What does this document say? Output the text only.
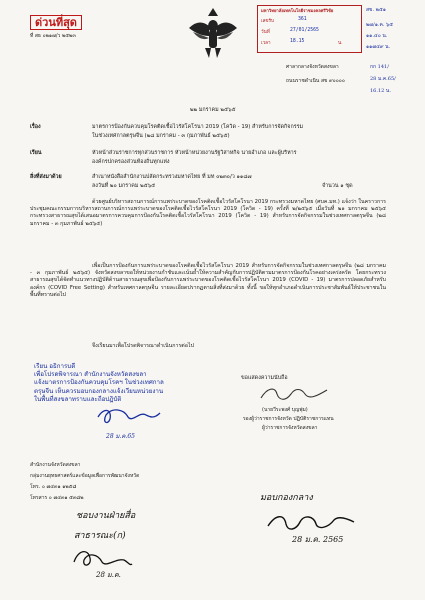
ด่วนที่สุด
ที่ สธ ๐๒๑๗/ว ๒๕๒๓
มหาวิทยาลัยเทคโนโลยีราชมงคลศรีวิชัย
เลขรับ	361
วันที่	27/01/2565
เวลา	18.15	น.
สข. ๒๕๑
๒๗/๑.ค. ๖๕
๑๑.๔๐ น.
๑๑๗๔๙ น.
ศาลากลางจังหวัดสงขลา
ถนนราชดำเนิน สข ๙๐๐๐๐
กก 141/
28 ม.ค.65/
16.12 น.
๒๒ มกราคม ๒๕๖๕
เรื่อง	มาตรการป้องกันควบคุมโรคติดเชื้อไวรัสโคโรนา 2019 (โควิด - 19) สำหรับการจัดกิจกรรม
ในช่วงเทศกาลตรุษจีน (๒๘ มกราคม - ๓ กุมภาพันธ์ ๒๕๖๕)
เรียน	หัวหน้าส่วนราชการทุกส่วนราชการ หัวหน้าหน่วยงานรัฐวิสาหกิจ นายอำเภอ และผู้บริหาร
องค์กรปกครองส่วนท้องถิ่นทุกแห่ง
สิ่งที่ส่งมาด้วย	สำเนาหนังสือสำนักงานปลัดกระทรวงมหาดไทย ที่ มท ๐๒๓๐/ว ๑๑๘๗
ลงวันที่ ๒๐ มกราคม ๒๕๖๕	จำนวน ๑ ชุด
ด้วยศูนย์บริหารสถานการณ์การแพร่ระบาดของโรคติดเชื้อไวรัสโคโรนา 2019 กระทรวงมหาดไทย (ศบค.มท.) แจ้งว่า ในคราวการประชุมคณะกรรมการบริหารสถานการณ์การแพร่ระบาดของโรคติดเชื้อไวรัสโคโรนา 2019 (โควิด - 19) ครั้งที่ ๒/๒๕๖๕ เมื่อวันที่ ๒๑ มกราคม ๒๕๖๕ กระทรวงสาธารณสุขได้เสนอมาตรการควบคุมการป้องกันโรคติดเชื้อไวรัสโคโรนา 2019 (โควิด - 19) สำหรับการจัดกิจกรรมในช่วงเทศกาลตรุษจีน (๒๘ มกราคม - ๓ กุมภาพันธ์ ๒๕๖๕)
เพื่อเป็นการป้องกันการแพร่ระบาดของโรคติดเชื้อไวรัสโคโรนา 2019 สำหรับการจัดกิจกรรมในช่วงเทศกาลตรุษจีน (๒๘ มกราคม - ๓ กุมภาพันธ์ ๒๕๖๕) จังหวัดสงขลาขอให้หน่วยงานกำชับและเน้นย้ำให้ความสำคัญกับการปฏิบัติตามมาตรการป้องกันโรคอย่างเคร่งครัด โดยกระทรวงสาธารณสุขได้จัดทำแนวทางปฏิบัติด้านสาธารณสุขเพื่อป้องกันการแพร่ระบาดของโรคติดเชื้อไวรัสโคโรนา 2019 (COVID - 19) มาตรการปลอดภัยสำหรับองค์กร (COVID Free Setting) สำหรับเทศกาลตรุษจีน รายละเอียดปรากฏตามสิ่งที่ส่งมาด้วย ทั้งนี้ ขอให้ทุกอำเภอดำเนินการประชาสัมพันธ์ให้ประชาชนในพื้นที่ทราบต่อไป
จึงเรียนมาเพื่อโปรดพิจารณาดำเนินการต่อไป
เรียน อธิการบดี
เพื่อโปรดพิจารณา สำนักงานจังหวัดสงขลา
แจ้งมาตรการป้องกันควบคุมโรคฯ ในช่วงเทศกาล
ตรุษจีน เห็นควรมอบกองกลางแจ้งเวียนหน่วยงาน
ในพื้นที่สงขลาทราบและถือปฏิบัติ
28 ม.ค.65
ขอแสดงความนับถือ
(นายวีระพงศ์ บุญพุ่ม)
รองผู้ว่าราชการจังหวัด ปฏิบัติราชการแทน
ผู้ว่าราชการจังหวัดสงขลา
สำนักงานจังหวัดสงขลา
กลุ่มงานยุทธศาสตร์และข้อมูลเพื่อการพัฒนาจังหวัด
โทร. ๐ ๗๔๓๑ ๑๒๕๘
โทรสาร ๐ ๗๔๓๑ ๕๓๘๒	มอบกองกลาง
28 ม.ค. 2565
ชอบงานฝ่ายสื่อ
สาธารณะ(ก)
28 ม.ค.
